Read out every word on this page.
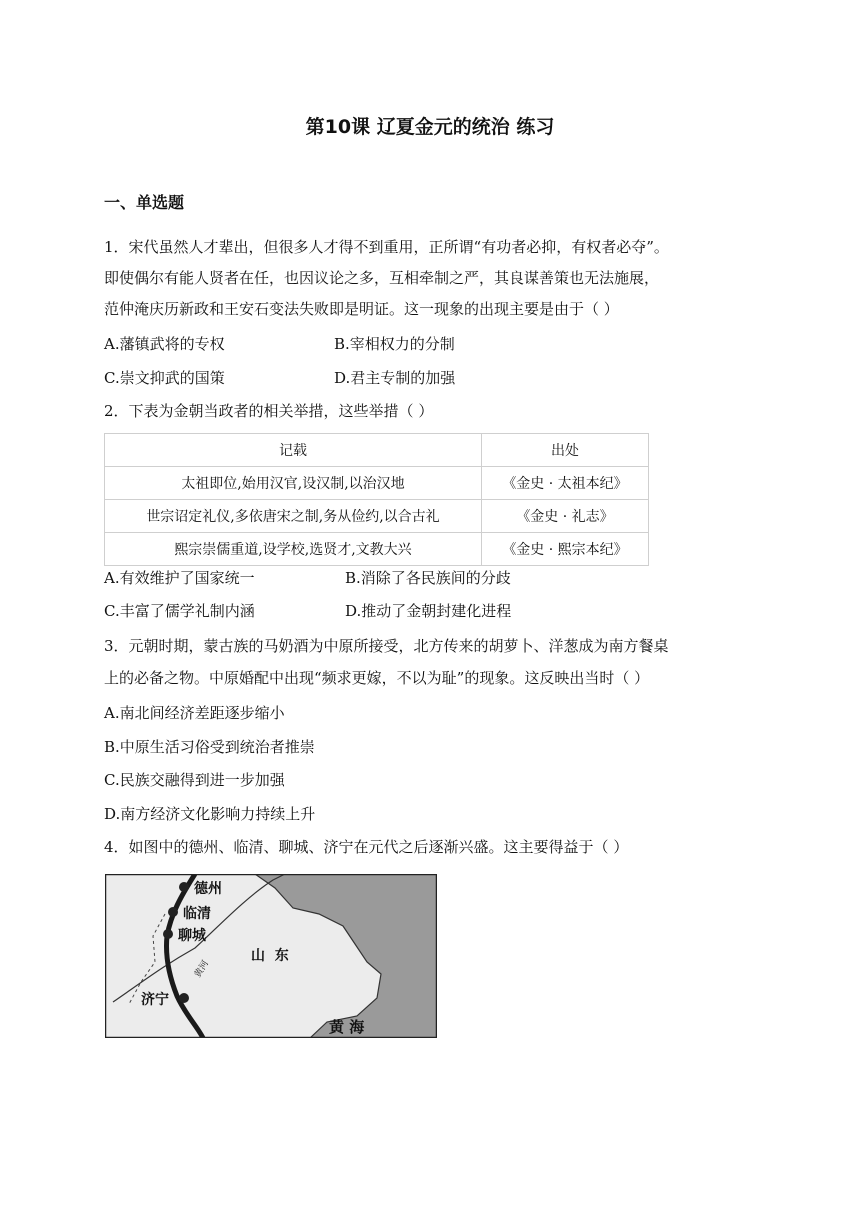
第10课 辽夏金元的统治 练习
一、单选题
1．宋代虽然人才辈出，但很多人才得不到重用，正所谓“有功者必抑，有权者必夺”。
即使偶尔有能人贤者在任，也因议论之多，互相牵制之严，其良谋善策也无法施展，
范仲淹庆历新政和王安石变法失败即是明证。这一现象的出现主要是由于（ ）
A.藩镇武将的专权	B.宰相权力的分制
C.崇文抑武的国策	D.君主专制的加强
2．下表为金朝当政者的相关举措，这些举措（ ）
记载	出处
太祖即位,始用汉官,设汉制,以治汉地	《金史 · 太祖本纪》
世宗诏定礼仪,多依唐宋之制,务从俭约,以合古礼	《金史 · 礼志》
熙宗崇儒重道,设学校,选贤才,文教大兴	《金史 · 熙宗本纪》
A.有效维护了国家统一	B.消除了各民族间的分歧
C.丰富了儒学礼制内涵	D.推动了金朝封建化进程
3．元朝时期，蒙古族的马奶酒为中原所接受，北方传来的胡萝卜、洋葱成为南方餐桌
上的必备之物。中原婚配中出现“频求更嫁，不以为耻”的现象。这反映出当时（ ）
A.南北间经济差距逐步缩小
B.中原生活习俗受到统治者推崇
C.民族交融得到进一步加强
D.南方经济文化影响力持续上升
4．如图中的德州、临清、聊城、济宁在元代之后逐渐兴盛。这主要得益于（ ）
德州
临清
聊城
济宁
山  东
黄河
黄 海
